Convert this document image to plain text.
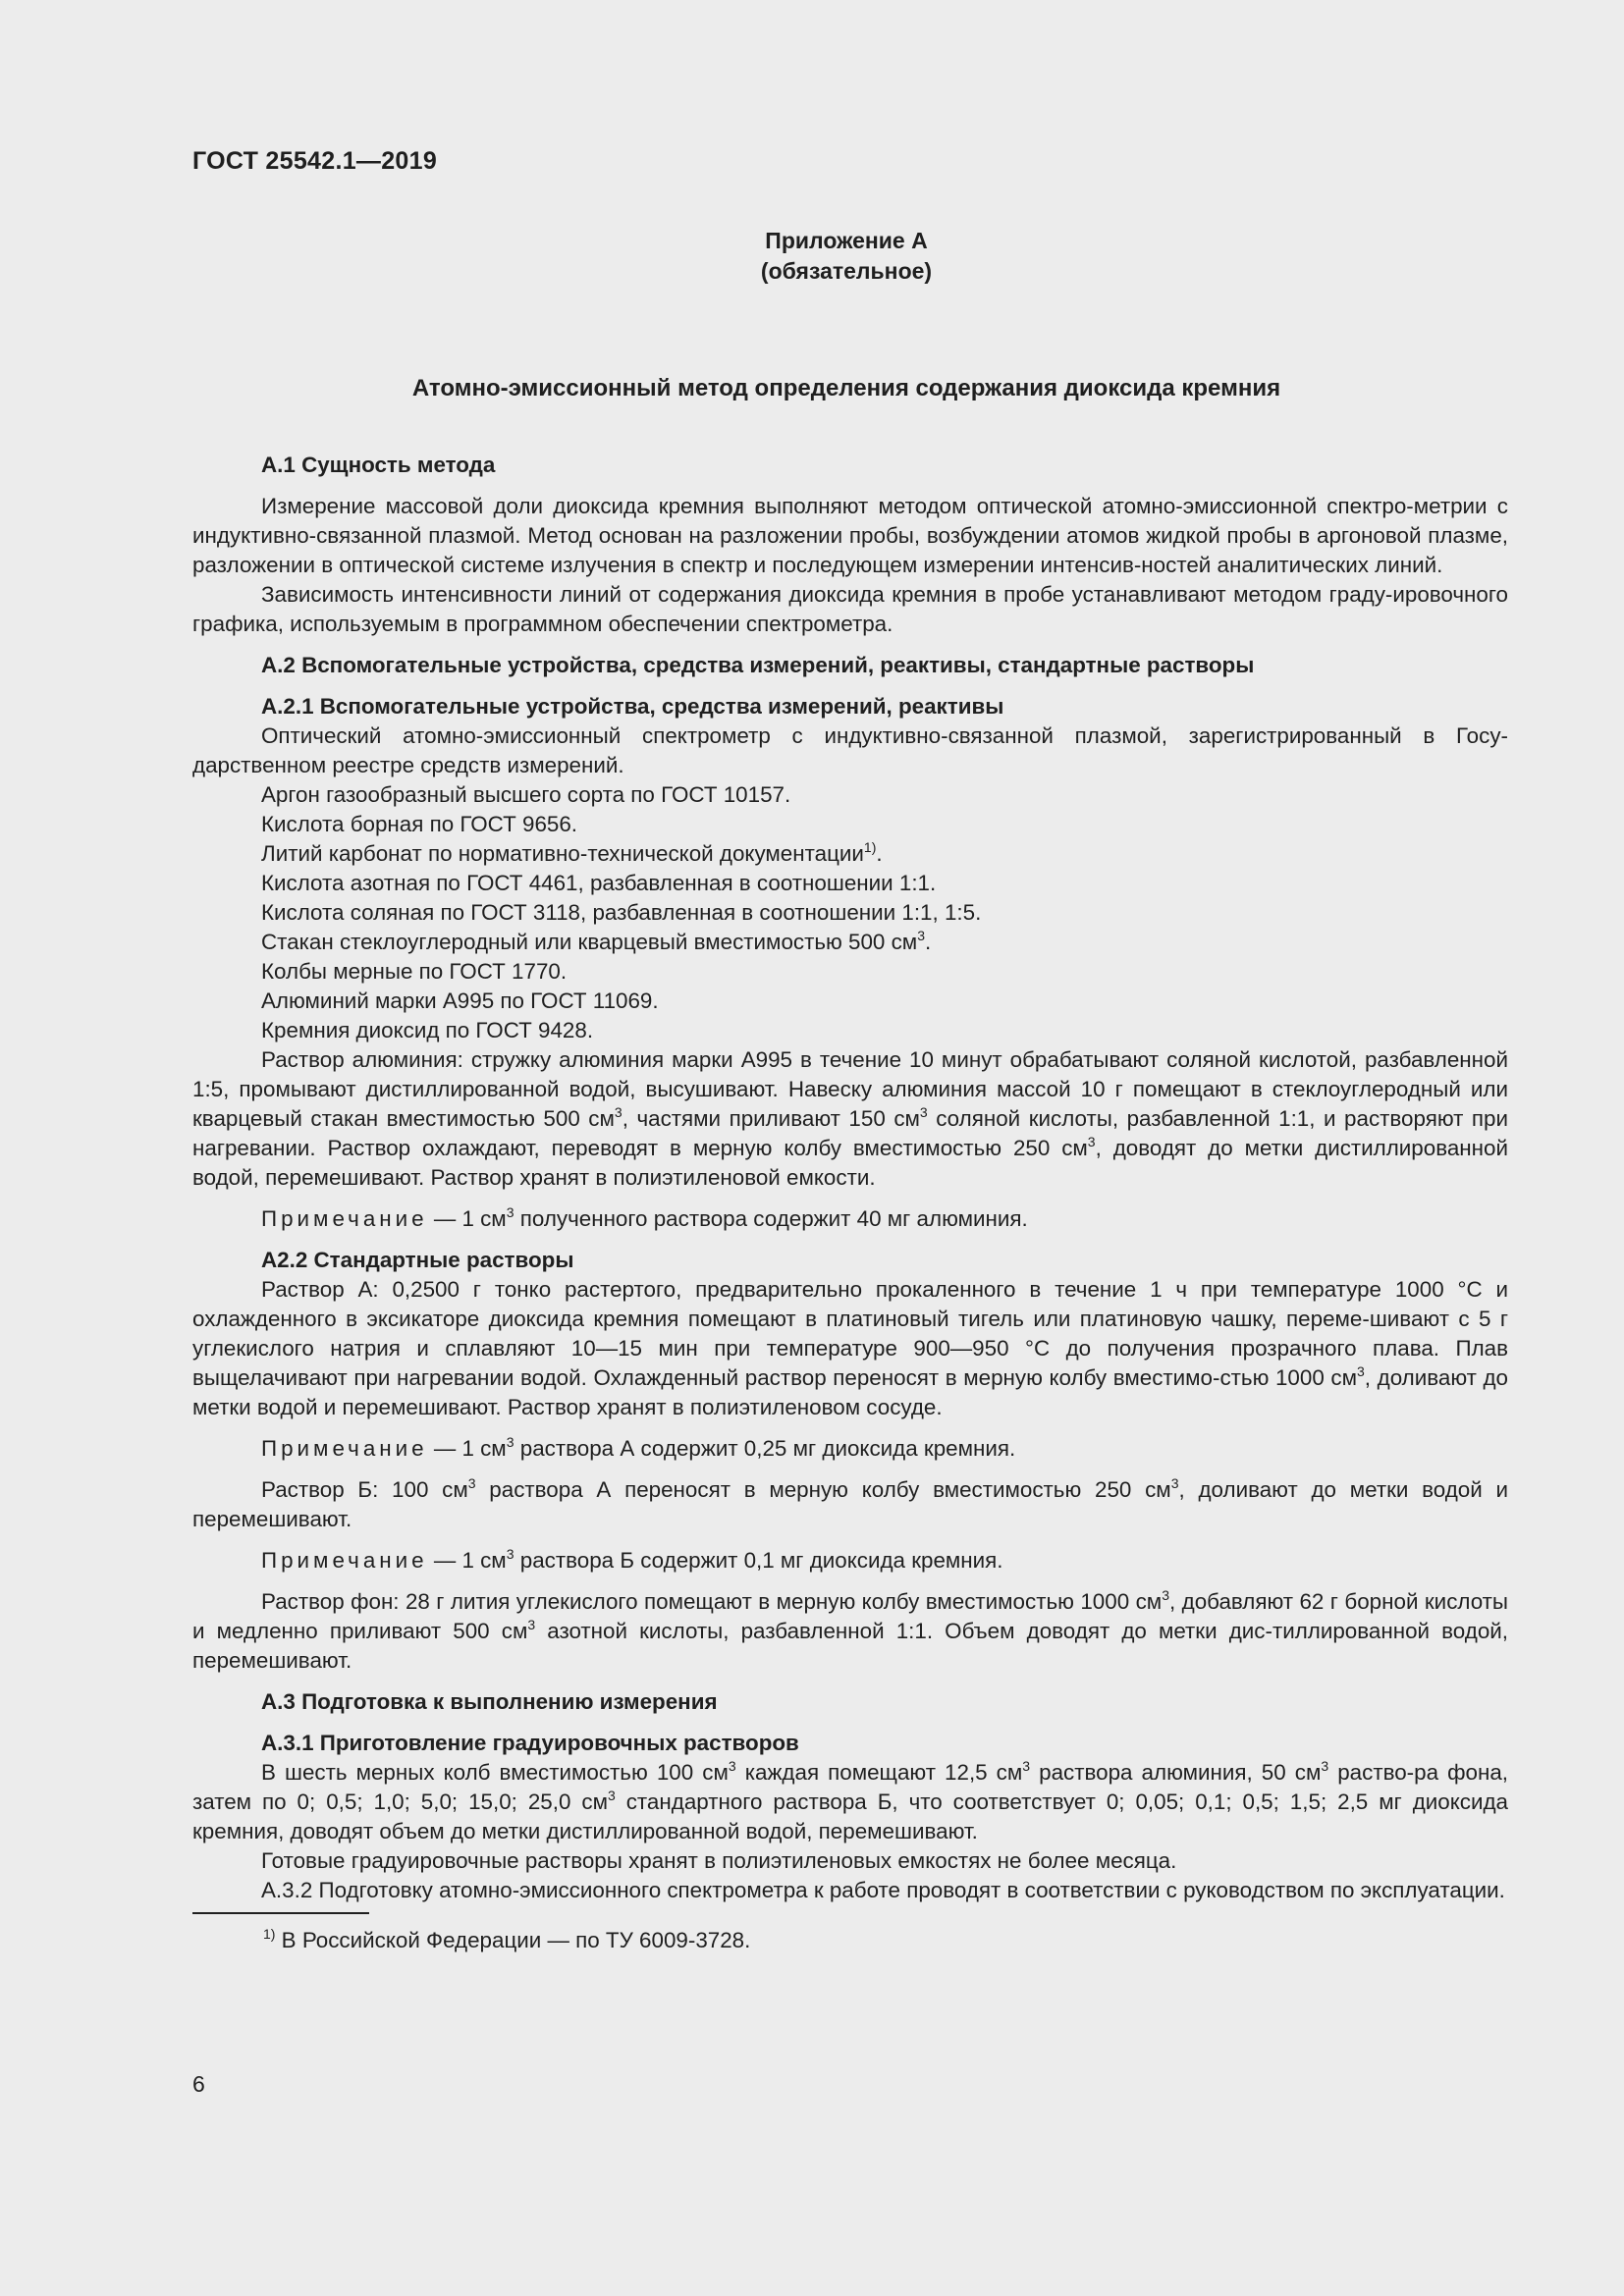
ГОСТ 25542.1—2019
Приложение А
(обязательное)
Атомно-эмиссионный метод определения содержания диоксида кремния

А.1 Сущность метода

Измерение массовой доли диоксида кремния выполняют методом оптической атомно-эмиссионной спектро-метрии с индуктивно-связанной плазмой. Метод основан на разложении пробы, возбуждении атомов жидкой пробы в аргоновой плазме, разложении в оптической системе излучения в спектр и последующем измерении интенсив-ностей аналитических линий.

Зависимость интенсивности линий от содержания диоксида кремния в пробе устанавливают методом граду-ировочного графика, используемым в программном обеспечении спектрометра.

А.2 Вспомогательные устройства, средства измерений, реактивы, стандартные растворы

А.2.1 Вспомогательные устройства, средства измерений, реактивы

Оптический атомно-эмиссионный спектрометр с индуктивно-связанной плазмой, зарегистрированный в Госу-дарственном реестре средств измерений.

Аргон газообразный высшего сорта по ГОСТ 10157.

Кислота борная по ГОСТ 9656.

Литий карбонат по нормативно-технической документации$^{1)}$.

Кислота азотная по ГОСТ 4461, разбавленная в соотношении 1:1.

Кислота соляная по ГОСТ 3118, разбавленная в соотношении 1:1, 1:5.

Стакан стеклоуглеродный или кварцевый вместимостью 500 $см^3$.

Колбы мерные по ГОСТ 1770.

Алюминий марки А995 по ГОСТ 11069.

Кремния диоксид по ГОСТ 9428.

Раствор алюминия: стружку алюминия марки А995 в течение 10 минут обрабатывают соляной кислотой, разбавленной 1:5, промывают дистиллированной водой, высушивают. Навеску алюминия массой 10 г помещают в стеклоуглеродный или кварцевый стакан вместимостью 500 $см^3$, частями приливают 150 $см^3$ соляной кислоты, разбавленной 1:1, и растворяют при нагревании. Раствор охлаждают, переводят в мерную колбу вместимостью 250 $см^3$, доводят до метки дистиллированной водой, перемешивают. Раствор хранят в полиэтиленовой емкости.

Примечание — 1 $см^3$ полученного раствора содержит 40 мг алюминия.

А2.2 Стандартные растворы

Раствор А: 0,2500 г тонко растертого, предварительно прокаленного в течение 1 ч при температуре 1000 °С и охлажденного в эксикаторе диоксида кремния помещают в платиновый тигель или платиновую чашку, переме-шивают с 5 г углекислого натрия и сплавляют 10—15 мин при температуре 900—950 °С до получения прозрачного плава. Плав выщелачивают при нагревании водой. Охлажденный раствор переносят в мерную колбу вместимо-стью 1000 $см^3$, доливают до метки водой и перемешивают. Раствор хранят в полиэтиленовом сосуде.

Примечание — 1 $см^3$ раствора А содержит 0,25 мг диоксида кремния.

Раствор Б: 100 $см^3$ раствора А переносят в мерную колбу вместимостью 250 $см^3$, доливают до метки водой и перемешивают.

Примечание — 1 $см^3$ раствора Б содержит 0,1 мг диоксида кремния.

Раствор фон: 28 г лития углекислого помещают в мерную колбу вместимостью 1000 $см^3$, добавляют 62 г борной кислоты и медленно приливают 500 $см^3$ азотной кислоты, разбавленной 1:1. Объем доводят до метки дис-тиллированной водой, перемешивают.

А.3 Подготовка к выполнению измерения

А.3.1 Приготовление градуировочных растворов

В шесть мерных колб вместимостью 100 $см^3$ каждая помещают 12,5 $см^3$ раствора алюминия, 50 $см^3$ раство-ра фона, затем по 0; 0,5; 1,0; 5,0; 15,0; 25,0 $см^3$ стандартного раствора Б, что соответствует 0; 0,05; 0,1; 0,5; 1,5; 2,5 мг диоксида кремния, доводят объем до метки дистиллированной водой, перемешивают.

Готовые градуировочные растворы хранят в полиэтиленовых емкостях не более месяца.

А.3.2 Подготовку атомно-эмиссионного спектрометра к работе проводят в соответствии с руководством по эксплуатации.

$^{1)}$ В Российской Федерации — по ТУ 6009-3728.

6
